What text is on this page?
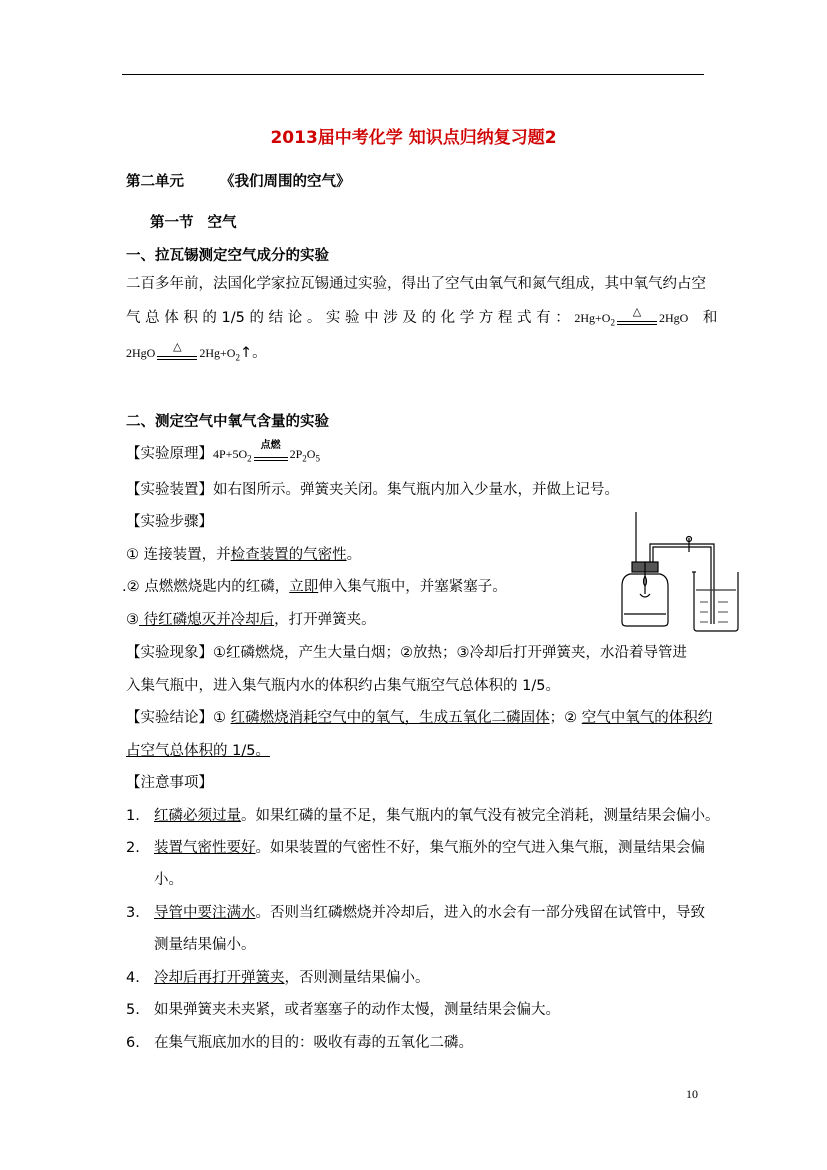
2013届中考化学 知识点归纳复习题2
第二单元 《我们周围的空气》
第一节 空气
一、拉瓦锡测定空气成分的实验
二百多年前，法国化学家拉瓦锡通过实验，得出了空气由氧气和氮气组成，其中氧气约占空
气 总 体 积 的 1/5 的 结 论 。 实 验 中 涉 及 的 化 学 方 程 式 有 ： $2Hg+O_2$
△	2HgO 和
2HgO	△	$2Hg+O_2↑$。
二、测定空气中氧气含量的实验
【实验原理】$4P+5O_2$
点燃
$2P_2O_5$
【实验装置】如右图所示。弹簧夹关闭。集气瓶内加入少量水，并做上记号。
【实验步骤】
① 连接装置，并检查装置的气密性。
.② 点燃燃烧匙内的红磷，立即伸入集气瓶中，并塞紧塞子。
③ 待红磷熄灭并冷却后，打开弹簧夹。
【实验现象】①红磷燃烧，产生大量白烟；②放热；③冷却后打开弹簧夹，水沿着导管进
入集气瓶中，进入集气瓶内水的体积约占集气瓶空气总体积的 1/5。
【实验结论】① 红磷燃烧消耗空气中的氧气，生成五氧化二磷固体；② 空气中氧气的体积约
占空气总体积的 1/5。
【注意事项】
1. 红磷必须过量。如果红磷的量不足，集气瓶内的氧气没有被完全消耗，测量结果会偏小。
2. 装置气密性要好。如果装置的气密性不好，集气瓶外的空气进入集气瓶，测量结果会偏
小。
3. 导管中要注满水。否则当红磷燃烧并冷却后，进入的水会有一部分残留在试管中，导致
测量结果偏小。
4. 冷却后再打开弹簧夹，否则测量结果偏小。
5. 如果弹簧夹未夹紧，或者塞塞子的动作太慢，测量结果会偏大。
6. 在集气瓶底加水的目的：吸收有毒的五氧化二磷。
10
